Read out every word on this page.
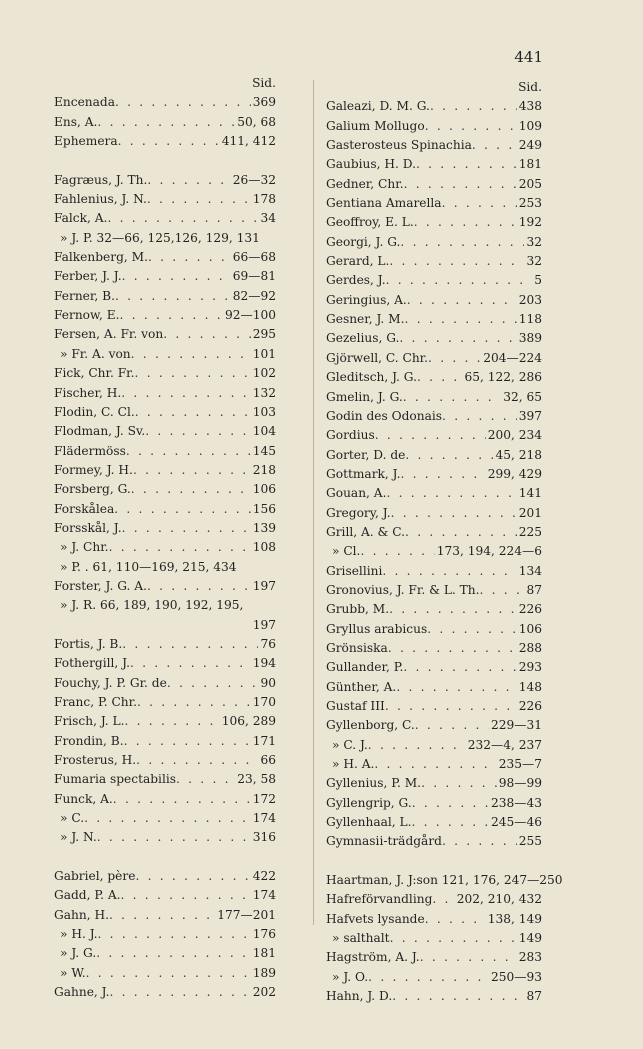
441
Sid.
Encenada . . .	369
Ens, A. . . .	50, 68
Ephemera . . .	411, 412
Fagræus, J. Th. . . .	26—32
Fahlenius, J. N. . . .	178
Falck, A. . . .	34
» J. P. 32—66, 125,126, 129, 131
Falkenberg, M. . . .	66—68
Ferber, J. J. . . .	69—81
Ferner, B. . . .	82—92
Fernow, E. . . .	92—100
Fersen, A. Fr. von . . .	295
» Fr. A. von . . .	101
Fick, Chr. Fr. . . .	102
Fischer, H. . . .	132
Flodin, C. Cl. . . .	103
Flodman, J. Sv. . . .	104
Flädermöss . . .	145
Formey, J. H. . . .	218
Forsberg, G. . . .	106
Forskålea . . .	156
Forsskål, J. . . .	139
» J. Chr. . . .	108
» P. . 61, 110—169, 215, 434
Forster, J. G. A. . . .	197
» J. R. 66, 189, 190, 192, 195,
197
Fortis, J. B. . . .	76
Fothergill, J. . . .	194
Fouchy, J. P. Gr. de . . .	90
Franc, P. Chr. . . .	170
Frisch, J. L. . . .	106, 289
Frondin, B. . . .	171
Frosterus, H. . . .	66
Fumaria spectabilis . . .	23, 58
Funck, A. . . .	172
» C. . . .	174
» J. N. . . .	316
Gabriel, père . . .	422
Gadd, P. A. . . .	174
Gahn, H. . . .	177—201
» H. J. . . .	176
» J. G. . . .	181
» W. . . .	189
Gahne, J. . . .	202
Sid.
Galeazi, D. M. G. . . .	438
Galium Mollugo . . .	109
Gasterosteus Spinachia . . .	249
Gaubius, H. D. . . .	181
Gedner, Chr. . . .	205
Gentiana Amarella . . .	253
Geoffroy, E. L. . . .	192
Georgi, J. G. . . .	32
Gerard, L. . . .	32
Gerdes, J. . . .	5
Geringius, A. . . .	203
Gesner, J. M. . . .	118
Gezelius, G. . . .	389
Gjörwell, C. Chr. . . .	204—224
Gleditsch, J. G. . . .	65, 122, 286
Gmelin, J. G. . . .	32, 65
Godin des Odonais . . .	397
Gordius . . .	200, 234
Gorter, D. de . . .	45, 218
Gottmark, J. . . .	299, 429
Gouan, A. . . .	141
Gregory, J. . . .	201
Grill, A. & C. . . .	225
» Cl. . . .	173, 194, 224—6
Grisellini . . .	134
Gronovius, J. Fr. & L. Th. . . .	87
Grubb, M. . . .	226
Gryllus arabicus . . .	106
Grönsiska . . .	288
Gullander, P. . . .	293
Günther, A. . . .	148
Gustaf III . . .	226
Gyllenborg, C. . . .	229—31
» C. J. . . .	232—4, 237
» H. A. . . .	235—7
Gyllenius, P. M. . . .	98—99
Gyllengrip, G. . . .	238—43
Gyllenhaal, L. . . .	245—46
Gymnasii-trädgård . . .	255
Haartman, J. J:son 121, 176, 247—250
Hafreförvandling . . . 202, 210, 432
Hafvets lysande . . .	138, 149
» salthalt . . .	149
Hagström, A. J. . . .	283
» J. O. . . .	250—93
Hahn, J. D. . . .	87
